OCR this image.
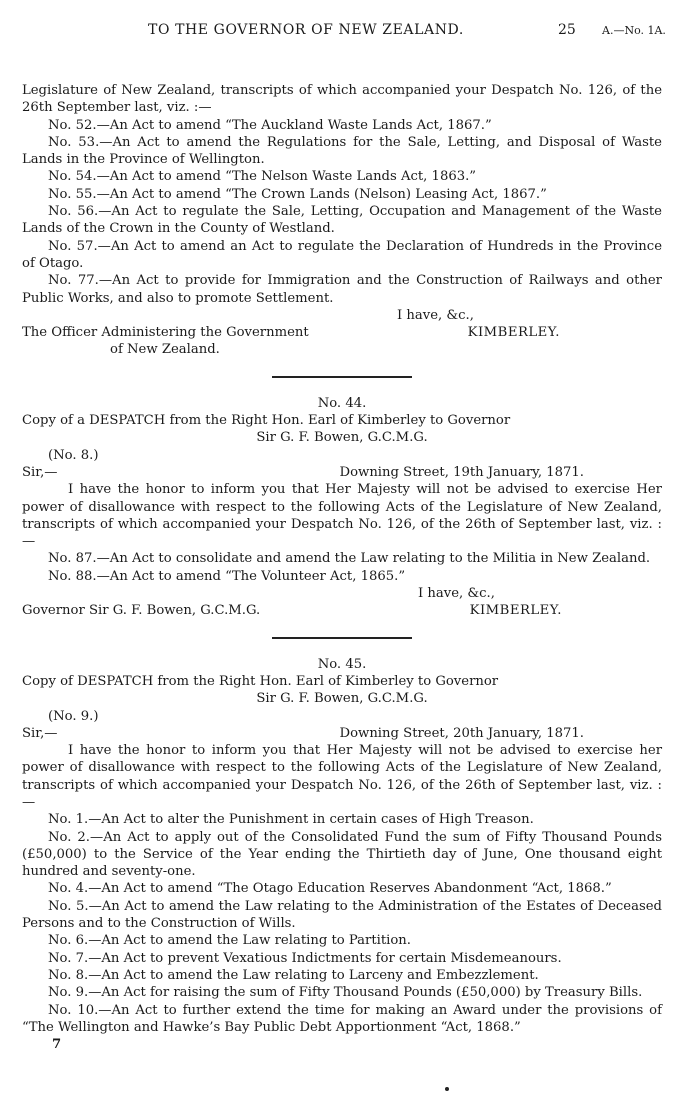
TO THE GOVERNOR OF NEW ZEALAND.	25 A.—No. 1A.

Legislature of New Zealand, transcripts of which accompanied your Despatch No. 126, of the 26th September last, viz. :—

No. 52.—An Act to amend “The Auckland Waste Lands Act, 1867.”

No. 53.—An Act to amend the Regulations for the Sale, Letting, and Disposal of Waste Lands in the Province of Wellington.

No. 54.—An Act to amend “The Nelson Waste Lands Act, 1863.”

No. 55.—An Act to amend “The Crown Lands (Nelson) Leasing Act, 1867.”

No. 56.—An Act to regulate the Sale, Letting, Occupation and Management of the Waste Lands of the Crown in the County of Westland.

No. 57.—An Act to amend an Act to regulate the Declaration of Hundreds in the Province of Otago.

No. 77.—An Act to provide for Immigration and the Construction of Railways and other Public Works, and also to promote Settlement.

I have, &c.,

The Officer Administering the Government	KIMBERLEY.

of New Zealand.

No. 44.

Copy of a DESPATCH from the Right Hon. Earl of Kimberley to Governor

Sir G. F. Bowen, G.C.M.G.

(No. 8.)

Sir,—	Downing Street, 19th January, 1871.

I have the honor to inform you that Her Majesty will not be advised to exercise Her power of disallowance with respect to the following Acts of the Legislature of New Zealand, transcripts of which accompanied your Despatch No. 126, of the 26th of September last, viz. :—

No. 87.—An Act to consolidate and amend the Law relating to the Militia in New Zealand.

No. 88.—An Act to amend “The Volunteer Act, 1865.”

I have, &c.,

Governor Sir G. F. Bowen, G.C.M.G.	KIMBERLEY.

No. 45.

Copy of DESPATCH from the Right Hon. Earl of Kimberley to Governor

Sir G. F. Bowen, G.C.M.G.

(No. 9.)

Sir,—	Downing Street, 20th January, 1871.

I have the honor to inform you that Her Majesty will not be advised to exercise her power of disallowance with respect to the following Acts of the Legislature of New Zealand, transcripts of which accompanied your Despatch No. 126, of the 26th of September last, viz. :—

No. 1.—An Act to alter the Punishment in certain cases of High Treason.

No. 2.—An Act to apply out of the Consolidated Fund the sum of Fifty Thousand Pounds (£50,000) to the Service of the Year ending the Thirtieth day of June, One thousand eight hundred and seventy-one.

No. 4.—An Act to amend “The Otago Education Reserves Abandonment “Act, 1868.”

No. 5.—An Act to amend the Law relating to the Administration of the Estates of Deceased Persons and to the Construction of Wills.

No. 6.—An Act to amend the Law relating to Partition.

No. 7.—An Act to prevent Vexatious Indictments for certain Misdemeanours.

No. 8.—An Act to amend the Law relating to Larceny and Embezzlement.

No. 9.—An Act for raising the sum of Fifty Thousand Pounds (£50,000) by Treasury Bills.

No. 10.—An Act to further extend the time for making an Award under the provisions of “The Wellington and Hawke’s Bay Public Debt Apportionment “Act, 1868.”

7
